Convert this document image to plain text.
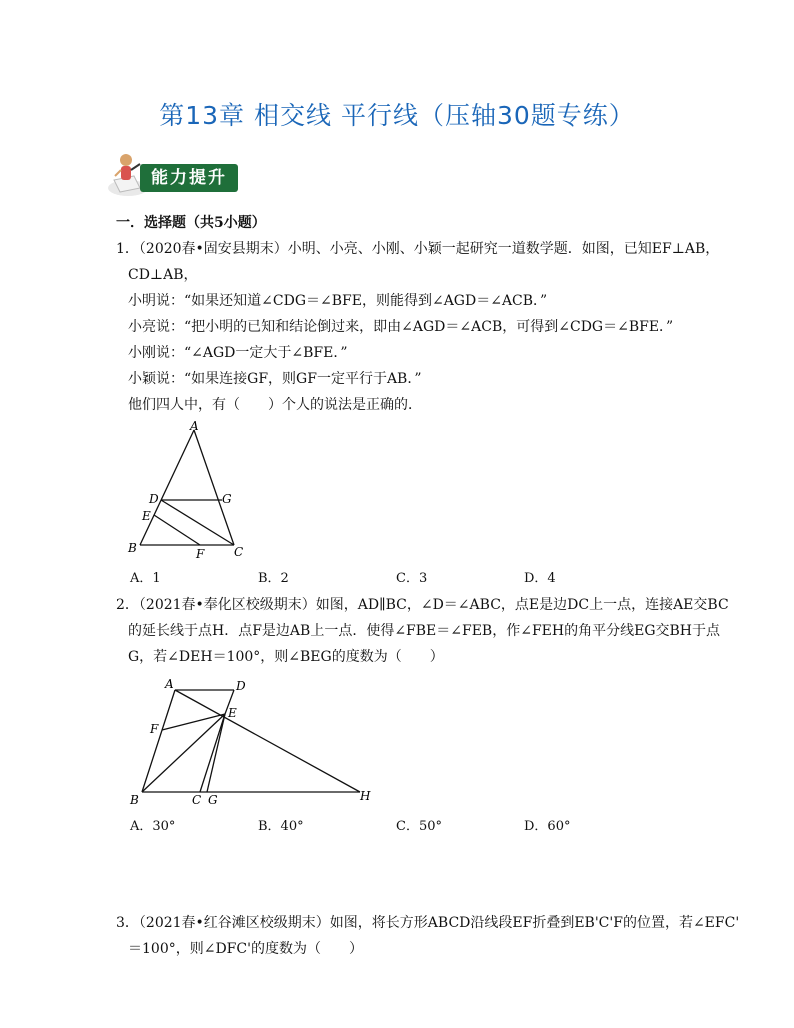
第13章 相交线 平行线（压轴30题专练）
能力提升
一．选择题（共5小题）
1．（2020春•固安县期末）小明、小亮、小刚、小颖一起研究一道数学题．如图，已知EF⊥AB，
CD⊥AB，
小明说：“如果还知道∠CDG＝∠BFE，则能得到∠AGD＝∠ACB．”
小亮说：“把小明的已知和结论倒过来，即由∠AGD＝∠ACB，可得到∠CDG＝∠BFE．”
小刚说：“∠AGD一定大于∠BFE．”
小颖说：“如果连接GF，则GF一定平行于AB．”
他们四人中，有（　　）个人的说法是正确的．
A
D	G
E
B	F C
A．1	B．2	C．3	D．4
2．（2021春•奉化区校级期末）如图，AD∥BC，∠D＝∠ABC，点E是边DC上一点，连接AE交BC
的延长线于点H．点F是边AB上一点．使得∠FBE＝∠FEB，作∠FEH的角平分线EG交BH于点
G，若∠DEH＝100°，则∠BEG的度数为（　　）
A	D
E
F
B	C G	H
A．30°	B．40°	C．50°	D．60°
3．（2021春•红谷滩区校级期末）如图，将长方形ABCD沿线段EF折叠到EB'C'F的位置，若∠EFC'
＝100°，则∠DFC'的度数为（　　）
